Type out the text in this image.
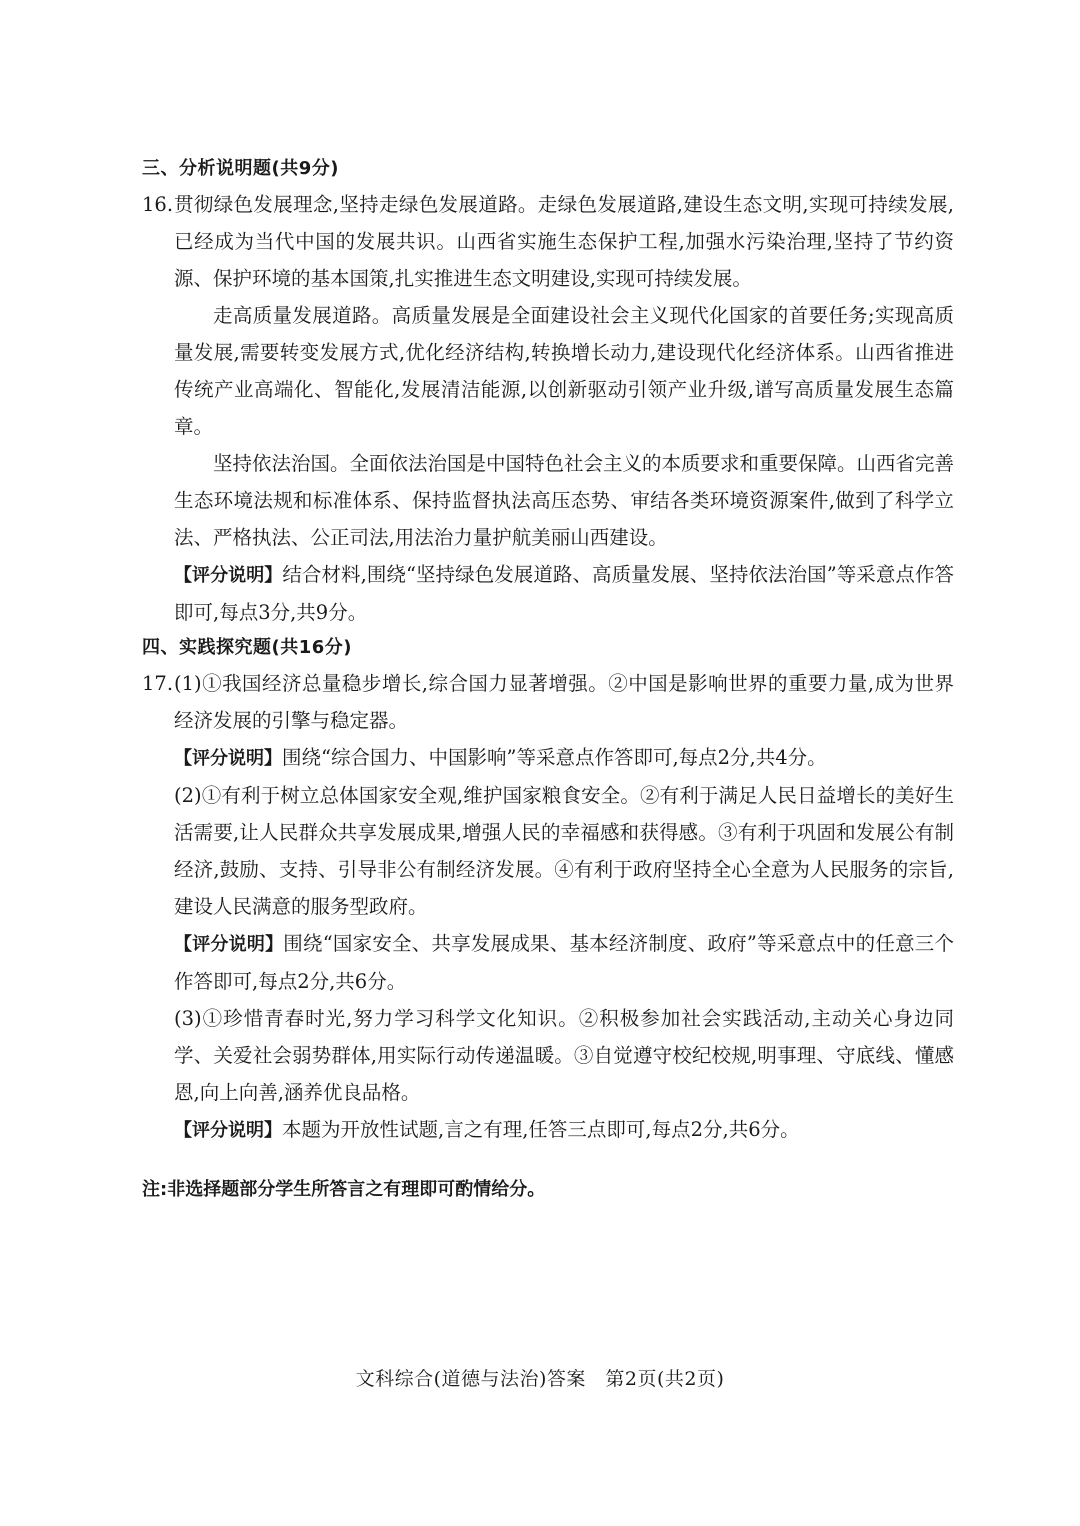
三、分析说明题(共9分)
16. 贯彻绿色发展理念,坚持走绿色发展道路。走绿色发展道路,建设生态文明,实现可持续发展,已经成为当代中国的发展共识。山西省实施生态保护工程,加强水污染治理,坚持了节约资源、保护环境的基本国策,扎实推进生态文明建设,实现可持续发展。

走高质量发展道路。高质量发展是全面建设社会主义现代化国家的首要任务;实现高质量发展,需要转变发展方式,优化经济结构,转换增长动力,建设现代化经济体系。山西省推进传统产业高端化、智能化,发展清洁能源,以创新驱动引领产业升级,谱写高质量发展生态篇章。

坚持依法治国。全面依法治国是中国特色社会主义的本质要求和重要保障。山西省完善生态环境法规和标准体系、保持监督执法高压态势、审结各类环境资源案件,做到了科学立法、严格执法、公正司法,用法治力量护航美丽山西建设。

【评分说明】结合材料,围绕“坚持绿色发展道路、高质量发展、坚持依法治国”等采意点作答即可,每点3分,共9分。

四、实践探究题(共16分)
17. (1)①我国经济总量稳步增长,综合国力显著增强。②中国是影响世界的重要力量,成为世界经济发展的引擎与稳定器。

【评分说明】围绕“综合国力、中国影响”等采意点作答即可,每点2分,共4分。

(2)①有利于树立总体国家安全观,维护国家粮食安全。②有利于满足人民日益增长的美好生活需要,让人民群众共享发展成果,增强人民的幸福感和获得感。③有利于巩固和发展公有制经济,鼓励、支持、引导非公有制经济发展。④有利于政府坚持全心全意为人民服务的宗旨,建设人民满意的服务型政府。

【评分说明】围绕“国家安全、共享发展成果、基本经济制度、政府”等采意点中的任意三个作答即可,每点2分,共6分。

(3)①珍惜青春时光,努力学习科学文化知识。②积极参加社会实践活动,主动关心身边同学、关爱社会弱势群体,用实际行动传递温暖。③自觉遵守校纪校规,明事理、守底线、懂感恩,向上向善,涵养优良品格。

【评分说明】本题为开放性试题,言之有理,任答三点即可,每点2分,共6分。

注:非选择题部分学生所答言之有理即可酌情给分。
文科综合(道德与法治)答案　第2页(共2页)
